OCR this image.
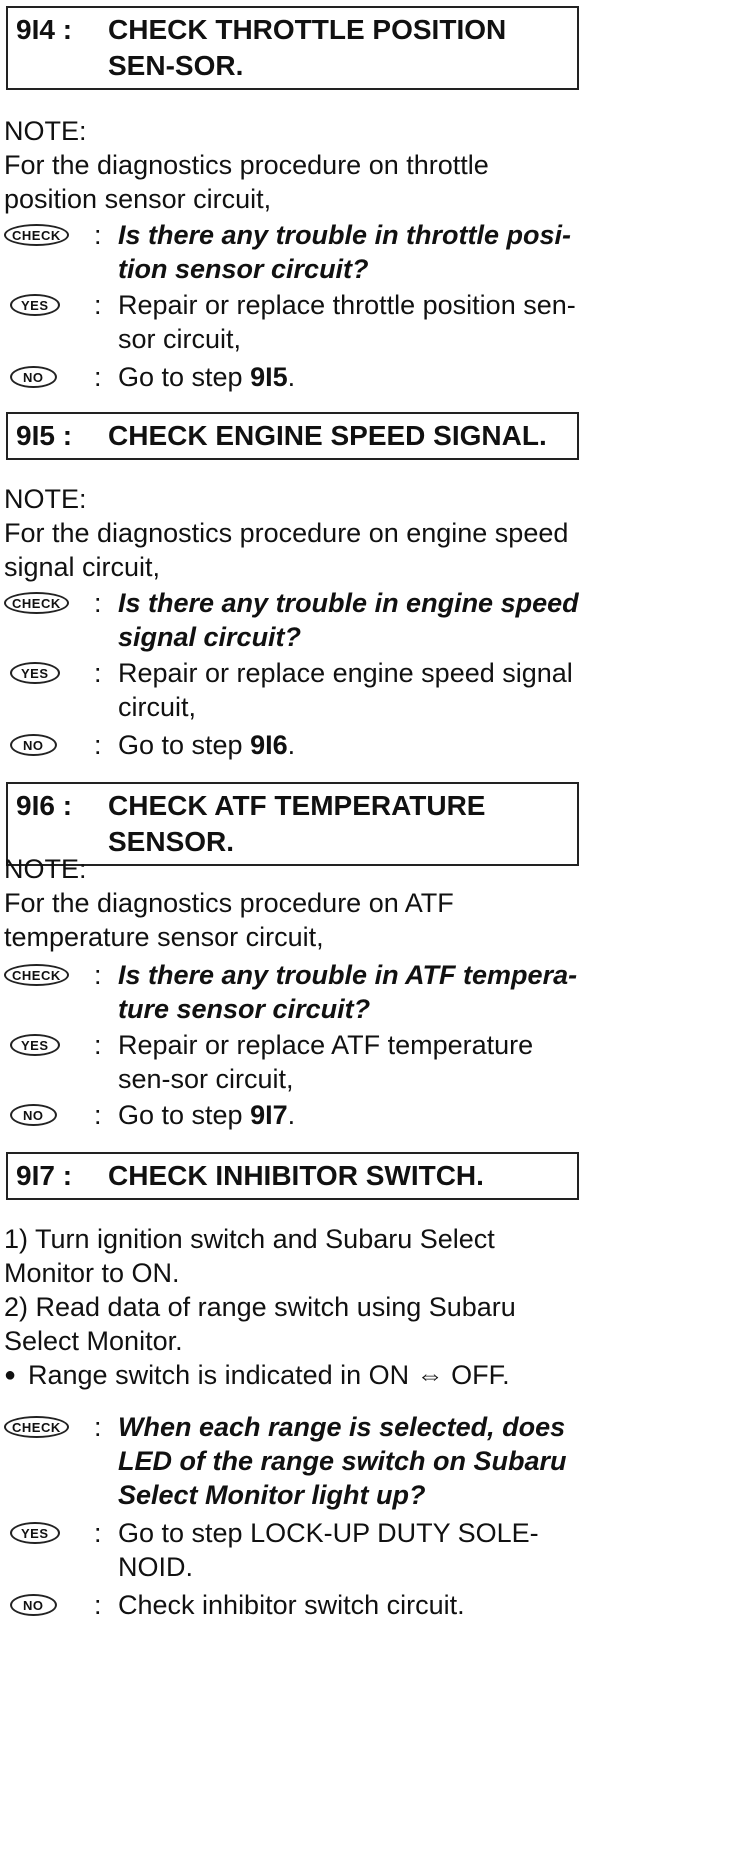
9I4 :	CHECK THROTTLE POSITION SEN-SOR.
NOTE:
For the diagnostics procedure on throttle position sensor circuit,
CHECK : Is there any trouble in throttle posi-tion sensor circuit?
YES	: Repair or replace throttle position sen-sor circuit,
NO	: Go to step 9I5.
9I5 :	CHECK ENGINE SPEED SIGNAL.
NOTE:
For the diagnostics procedure on engine speed signal circuit,
CHECK : Is there any trouble in engine speed signal circuit?
YES	: Repair or replace engine speed signal circuit,
NO	: Go to step 9I6.
9I6 :	CHECK ATF TEMPERATURE SENSOR.
NOTE:
For the diagnostics procedure on ATF temperature sensor circuit,
CHECK : Is there any trouble in ATF tempera-ture sensor circuit?
YES	: Repair or replace ATF temperature sen-sor circuit,
NO	: Go to step 9I7.
9I7 :	CHECK INHIBITOR SWITCH.
1) Turn ignition switch and Subaru Select Monitor to ON.
2) Read data of range switch using Subaru Select Monitor.
● Range switch is indicated in ON ⇔ OFF.
CHECK : When each range is selected, does LED of the range switch on Subaru Select Monitor light up?
YES	: Go to step LOCK-UP DUTY SOLE-NOID.
NO	: Check inhibitor switch circuit.
